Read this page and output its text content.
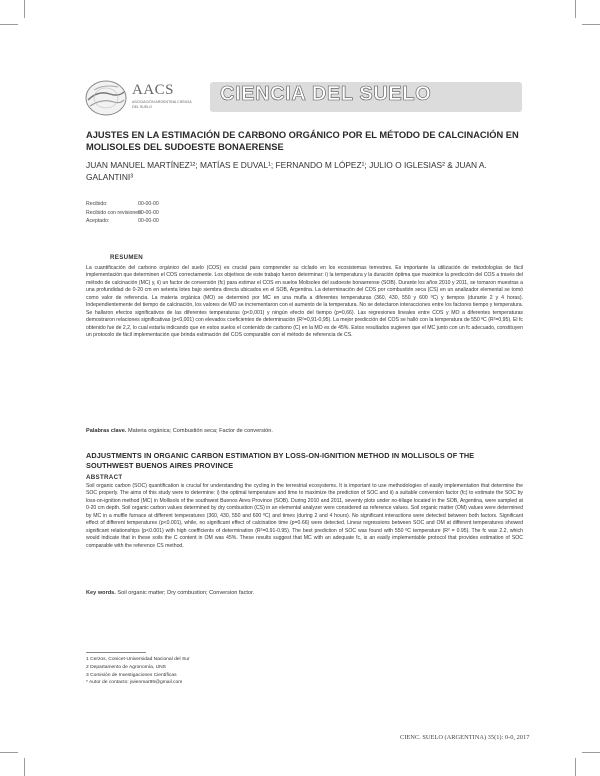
AACS
ASOCIACIÓN ARGENTINA CIENCIA DEL SUELO
CIENCIA DEL SUELO
AJUSTES EN LA ESTIMACIÓN DE CARBONO ORGÁNICO POR EL MÉTODO DE CALCINACIÓN EN MOLISOLES DEL SUDOESTE BONAERENSE
JUAN MANUEL MARTÍNEZ¹²; MATÍAS E DUVAL¹; FERNANDO M LÓPEZ¹; JULIO O IGLESIAS² & JUAN A. GALANTINI³
Recibido:	00-00-00
Recibido con revisiones:00-00-00
Aceptado:	00-00-00
RESUMEN
La cuantificación del carbono orgánico del suelo (COS) es crucial para comprender su ciclado en los ecosistemas terrestres. Es importante la utilización de metodologías de fácil implementación que determinen el COS correctamente. Los objetivos de este trabajo fueron determinar: i) la temperatura y la duración óptima que maximice la predicción del COS a través del método de calcinación (MC) y, ii) un factor de conversión (fc) para estimar el COS en suelos Molisoles del sudoeste bonaerense (SOB). Durante los años 2010 y 2011, se tomaron muestras a una profundidad de 0-20 cm en setenta lotes bajo siembra directa ubicados en el SOB, Argentina. La determinación del COS por combustión seca (CS) en un analizador elemental se tomó como valor de referencia. La materia orgánica (MO) se determinó por MC en una mufla a diferentes temperaturas (360, 430, 550 y 600 ºC) y tiempos (durante 2 y 4 horas). Independientemente del tiempo de calcinación, los valores de MO se incrementaron con el aumento de la temperatura. No se detectaron interacciones entre los factores tiempo y temperatura. Se hallaron efectos significativos de las diferentes temperaturas (p<0,001) y ningún efecto del tiempo (p=0,66). Las regresiones lineales entre COS y MO a diferentes temperaturas demostraron relaciones significativas (p<0,001) con elevados coeficientes de determinación (R²=0,91-0,95). La mejor predicción del COS se halló con la temperatura de 550 ºC (R²=0,95). El fc obtenido fue de 2,2, lo cual estaría indicando que en estos suelos el contenido de carbono (C) en la MO es de 45%. Estos resultados sugieren que el MC junto con un fc adecuado, constituyen un protocolo de fácil implementación que brinda estimación del COS comparable con el método de referencia de CS.
Palabras clave. Materia orgánica; Combustión seca; Factor de conversión.
ADJUSTMENTS IN ORGANIC CARBON ESTIMATION BY LOSS-ON-IGNITION METHOD IN MOLLISOLS OF THE SOUTHWEST BUENOS AIRES PROVINCE
ABSTRACT
Soil organic carbon (SOC) quantification is crucial for understanding the cycling in the terrestrial ecosystems. It is important to use methodologies of easily implementation that determine the SOC properly. The aims of this study were to determine: i) the optimal temperature and time to maximize the prediction of SOC and ii) a suitable conversion factor (fc) to estimate the SOC by loss-on-ignition method (MC) in Mollisols of the southwest Buenos Aires Province (SOB). During 2010 and 2011, seventy plots under no-tillage located in the SOB, Argentina, were sampled at 0-20 cm depth. Soil organic carbon values determined by dry combustion (CS) in an elemental analyzer were considered as reference values. Soil organic matter (OM) values were determined by MC in a muffle furnace at different temperatures (360, 430, 550 and 600 ºC) and times (during 2 and 4 hours). No significant interactions were detected between both factors. Significant effect of different temperatures (p<0.001), while, no significant effect of calcination time (p=0.66) were detected. Linear regressions between SOC and OM at different temperatures showed significant relationships (p<0.001) with high coefficients of determination (R²=0.91-0.95). The best prediction of SOC was found with 550 ºC temperature (R² = 0.95). The fc was 2.2, which would indicate that in these soils the C content in OM was 45%. These results suggest that MC with an adequate fc, is an easily implementable protocol that provides estimation of SOC comparable with the reference CS method.
Key words. Soil organic matter; Dry combustion; Conversion factor.
1 Cerzos, Conicet-Universidad Nacional del Sur
2 Departamento de Agronomía, UNS
3 Comisión de Investigaciones Científicas
* Autor de contacto: jwienmar85@gmail.com
CIENC. SUELO (ARGENTINA) 35(1): 0-0, 2017
